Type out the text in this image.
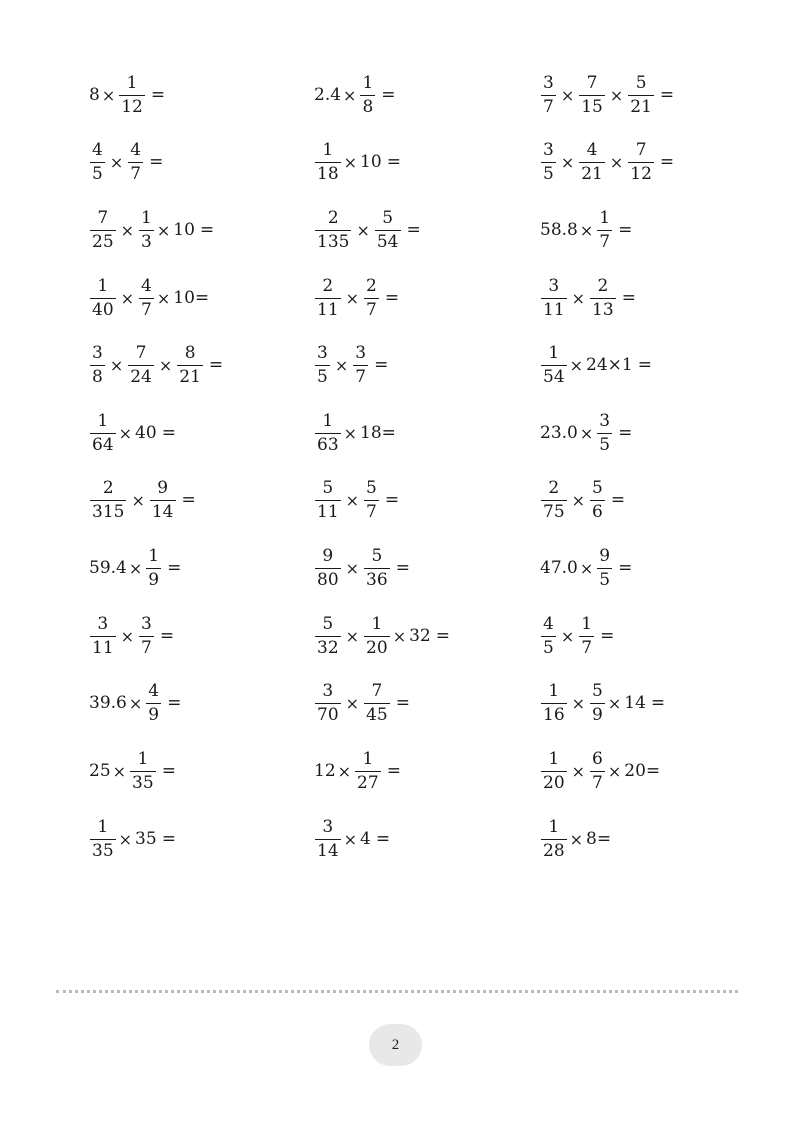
$8 \times \frac{1}{12}$ =	$2.4 \times \frac{1}{8}$ =	$\frac{3}{7} \times \frac{7}{15} \times \frac{5}{21}$ =
$\frac{4}{5} \times \frac{4}{7}$ =	$\frac{1}{18} \times 10$ =	$\frac{3}{5} \times \frac{4}{21} \times \frac{7}{12}$ =
$\frac{7}{25} \times \frac{1}{3} \times 10$ =	$\frac{2}{135} \times \frac{5}{54}$ =	$58.8 \times \frac{1}{7}$ =
$\frac{1}{40} \times \frac{4}{7} \times 10=$	$\frac{2}{11} \times \frac{2}{7}$ =	$\frac{3}{11} \times \frac{2}{13}$ =
$\frac{3}{8} \times \frac{7}{24} \times \frac{8}{21}$ =	$\frac{3}{5} \times \frac{3}{7}$ =	$\frac{1}{54} \times 24\times 1$ =
$\frac{1}{64} \times 40$ =	$\frac{1}{63} \times 18=$	$23.0 \times \frac{3}{5}$ =
$\frac{2}{315} \times \frac{9}{14}$ =	$\frac{5}{11} \times \frac{5}{7}$ =	$\frac{2}{75} \times \frac{5}{6}$ =
$59.4 \times \frac{1}{9}$ =	$\frac{9}{80} \times \frac{5}{36}$ =	$47.0 \times \frac{9}{5}$ =
$\frac{3}{11} \times \frac{3}{7}$ =	$\frac{5}{32} \times \frac{1}{20} \times 32$ =	$\frac{4}{5} \times \frac{1}{7}$ =
$39.6 \times \frac{4}{9}$ =	$\frac{3}{70} \times \frac{7}{45}$ =	$\frac{1}{16} \times \frac{5}{9} \times 14$ =
$25 \times \frac{1}{35}$ =	$12 \times \frac{1}{27}$ =	$\frac{1}{20} \times \frac{6}{7} \times 20=$
$\frac{1}{35} \times 35$ =	$\frac{3}{14} \times 4$ =	$\frac{1}{28} \times 8=$
2
